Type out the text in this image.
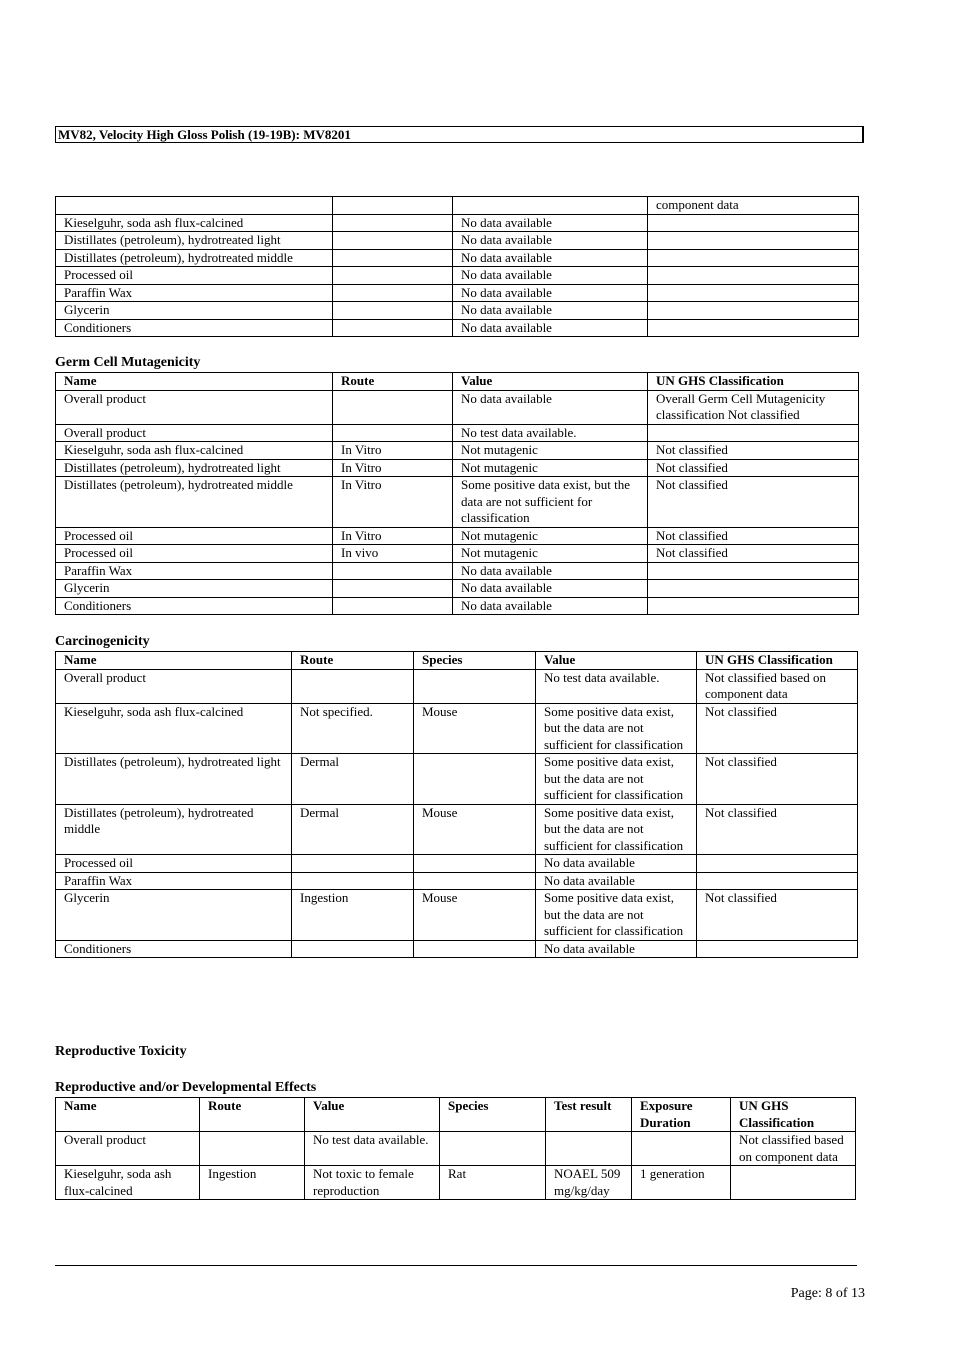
MV82, Velocity High Gloss Polish (19-19B): MV8201
			component data
Kieselguhr, soda ash flux-calcined		No data available	
Distillates (petroleum), hydrotreated light		No data available	
Distillates (petroleum), hydrotreated middle		No data available	
Processed oil		No data available	
Paraffin Wax		No data available	
Glycerin		No data available	
Conditioners		No data available	
Germ Cell Mutagenicity
Name	Route	Value	UN GHS Classification
Overall product		No data available	Overall Germ Cell Mutagenicity classification Not classified
Overall product		No test data available.	
Kieselguhr, soda ash flux-calcined	In Vitro	Not mutagenic	Not classified
Distillates (petroleum), hydrotreated light	In Vitro	Not mutagenic	Not classified
Distillates (petroleum), hydrotreated middle	In Vitro	Some positive data exist, but the data are not sufficient for classification	Not classified
Processed oil	In Vitro	Not mutagenic	Not classified
Processed oil	In vivo	Not mutagenic	Not classified
Paraffin Wax		No data available	
Glycerin		No data available	
Conditioners		No data available	
Carcinogenicity
Name	Route	Species	Value	UN GHS Classification
Overall product			No test data available.	Not classified based on component data
Kieselguhr, soda ash flux-calcined	Not specified.	Mouse	Some positive data exist, but the data are not sufficient for classification	Not classified
Distillates (petroleum), hydrotreated light	Dermal		Some positive data exist, but the data are not sufficient for classification	Not classified
Distillates (petroleum), hydrotreated middle	Dermal	Mouse	Some positive data exist, but the data are not sufficient for classification	Not classified
Processed oil			No data available	
Paraffin Wax			No data available	
Glycerin	Ingestion	Mouse	Some positive data exist, but the data are not sufficient for classification	Not classified
Conditioners			No data available	
Reproductive Toxicity
Reproductive and/or Developmental Effects
Name	Route	Value	Species	Test result	Exposure Duration	UN GHS Classification
Overall product		No test data available.				Not classified based on component data
Kieselguhr, soda ash flux-calcined	Ingestion	Not toxic to female reproduction	Rat	NOAEL 509 mg/kg/day	1 generation	
Page: 8 of 13
